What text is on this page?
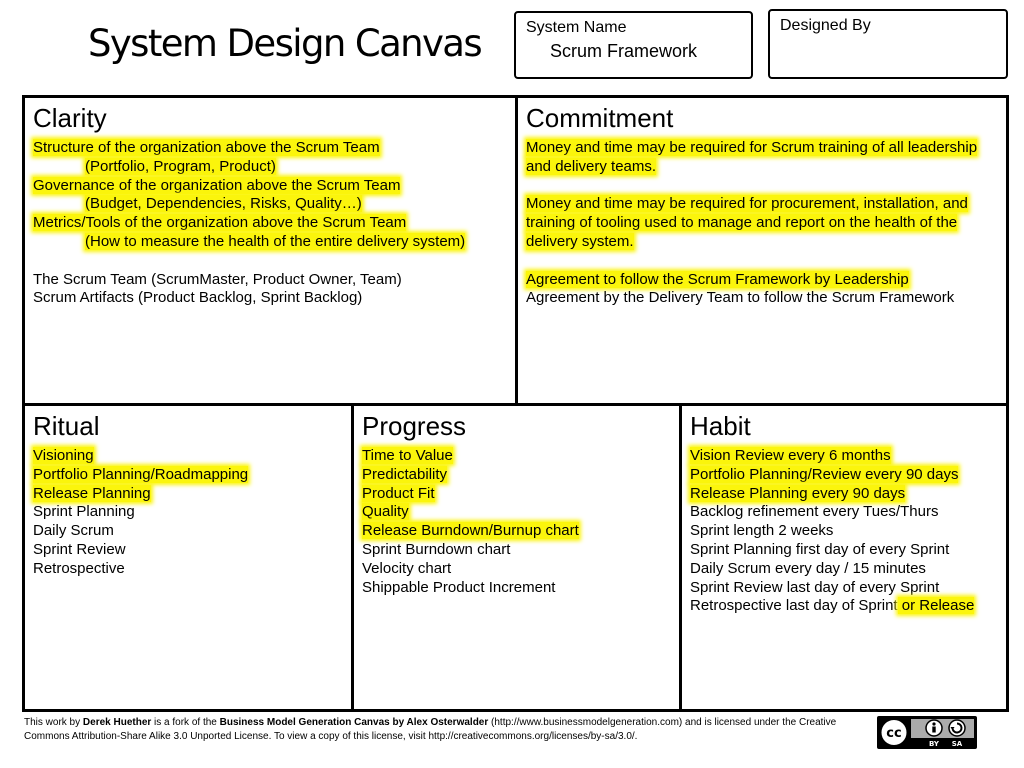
System Design Canvas	System Name
Scrum Framework
Designed By
Clarity
Structure of the organization above the Scrum Team
(Portfolio, Program, Product)
Governance of the organization above the Scrum Team
(Budget, Dependencies, Risks, Quality…)
Metrics/Tools of the organization above the Scrum Team
(How to measure the health of the entire delivery system)
The Scrum Team (ScrumMaster, Product Owner, Team)
Scrum Artifacts (Product Backlog, Sprint Backlog)
Commitment
Money and time may be required for Scrum training of all leadership
and delivery teams.
Money and time may be required for procurement, installation, and
training of tooling used to manage and report on the health of the
delivery system.
Agreement to follow the Scrum Framework by Leadership
Agreement by the Delivery Team to follow the Scrum Framework
Ritual
Visioning
Portfolio Planning/Roadmapping
Release Planning
Sprint Planning
Daily Scrum
Sprint Review
Retrospective
Progress
Time to Value
Predictability
Product Fit
Quality
Release Burndown/Burnup chart
Sprint Burndown chart
Velocity chart
Shippable Product Increment
Habit
Vision Review every 6 months
Portfolio Planning/Review every 90 days
Release Planning every 90 days
Backlog refinement every Tues/Thurs
Sprint length 2 weeks
Sprint Planning first day of every Sprint
Daily Scrum every day / 15 minutes
Sprint Review last day of every Sprint
Retrospective last day of Sprint or Release
This work by Derek Huether is a fork of the Business Model Generation Canvas by Alex Osterwalder (http://www.businessmodelgeneration.com) and is licensed under the Creative Commons Attribution-Share Alike 3.0 Unported License. To view a copy of this license, visit http://creativecommons.org/licenses/by-sa/3.0/.	cc
BY SA
